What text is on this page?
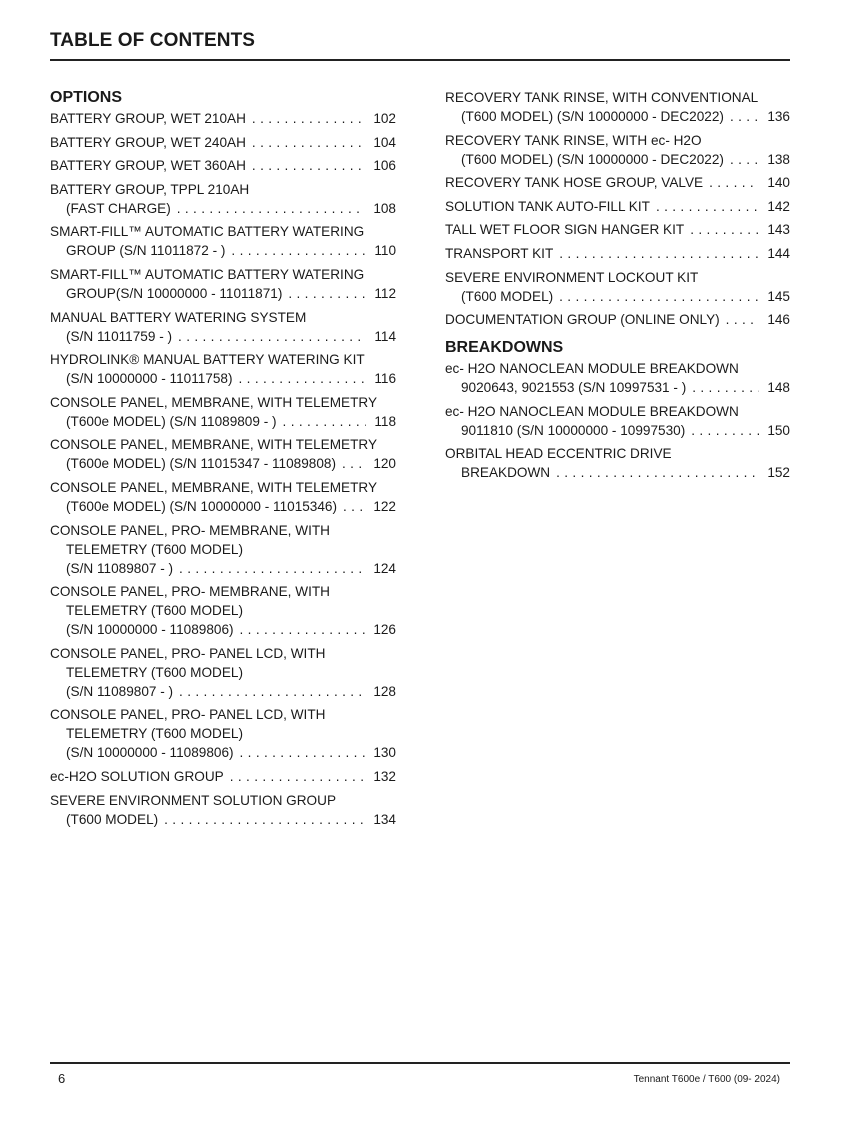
TABLE OF CONTENTS
OPTIONS
BATTERY GROUP, WET 210AH . . .	102
BATTERY GROUP, WET 240AH . . .	104
BATTERY GROUP, WET 360AH . . .	106
BATTERY GROUP, TPPL 210AH
(FAST CHARGE) . . .	108
SMART-FILL™ AUTOMATIC BATTERY WATERING
GROUP (S/N 11011872 - ) . . .	110
SMART-FILL™ AUTOMATIC BATTERY WATERING
GROUP(S/N 10000000 - 11011871) . . .	112
MANUAL BATTERY WATERING SYSTEM
(S/N 11011759 - ) . . .	114
HYDROLINK® MANUAL BATTERY WATERING KIT
(S/N 10000000 - 11011758) . . .	116
CONSOLE PANEL, MEMBRANE, WITH TELEMETRY
(T600e MODEL) (S/N 11089809 - ) . . .	118
CONSOLE PANEL, MEMBRANE, WITH TELEMETRY
(T600e MODEL) (S/N 11015347 - 11089808) . . .	120
CONSOLE PANEL, MEMBRANE, WITH TELEMETRY
(T600e MODEL) (S/N 10000000 - 11015346) . . .	122
CONSOLE PANEL, PRO- MEMBRANE, WITH
TELEMETRY (T600 MODEL)
(S/N 11089807 - ) . . .	124
CONSOLE PANEL, PRO- MEMBRANE, WITH
TELEMETRY (T600 MODEL)
(S/N 10000000 - 11089806) . . .	126
CONSOLE PANEL, PRO- PANEL LCD, WITH
TELEMETRY (T600 MODEL)
(S/N 11089807 - ) . . .	128
CONSOLE PANEL, PRO- PANEL LCD, WITH
TELEMETRY (T600 MODEL)
(S/N 10000000 - 11089806) . . .	130
ec-H2O SOLUTION GROUP . . .	132
SEVERE ENVIRONMENT SOLUTION GROUP
(T600 MODEL) . . .	134
RECOVERY TANK RINSE, WITH CONVENTIONAL
(T600 MODEL) (S/N 10000000 - DEC2022) . . .	136
RECOVERY TANK RINSE, WITH ec- H2O
(T600 MODEL) (S/N 10000000 - DEC2022) . . .	138
RECOVERY TANK HOSE GROUP, VALVE . . .	140
SOLUTION TANK AUTO-FILL KIT . . .	142
TALL WET FLOOR SIGN HANGER KIT . . .	143
TRANSPORT KIT . . .	144
SEVERE ENVIRONMENT LOCKOUT KIT
(T600 MODEL) . . .	145
DOCUMENTATION GROUP (ONLINE ONLY) . . .	146
BREAKDOWNS
ec- H2O NANOCLEAN MODULE BREAKDOWN
9020643, 9021553 (S/N 10997531 - ) . . .	148
ec- H2O NANOCLEAN MODULE BREAKDOWN
9011810 (S/N 10000000 - 10997530) . . .	150
ORBITAL HEAD ECCENTRIC DRIVE
BREAKDOWN . . .	152
6	Tennant T600e / T600 (09- 2024)
